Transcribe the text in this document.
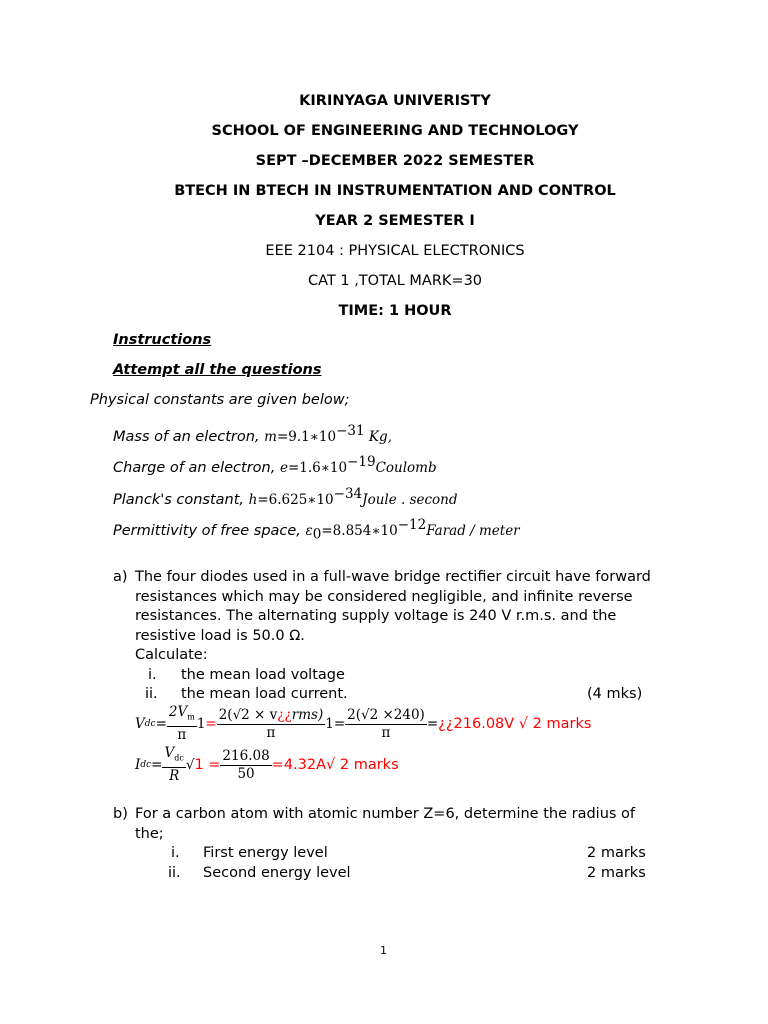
KIRINYAGA UNIVERISTY
SCHOOL OF ENGINEERING AND TECHNOLOGY
SEPT –DECEMBER 2022 SEMESTER
BTECH IN BTECH IN INSTRUMENTATION AND CONTROL
YEAR 2 SEMESTER I
EEE 2104 : PHYSICAL ELECTRONICS
CAT 1 ,TOTAL MARK=30
TIME: 1 HOUR
Instructions
Attempt all the questions
Physical constants are given below;
Mass of an electron, $m=9.1∗10^{-31}$ Kg,
Charge of an electron, $e=1.6∗10^{-19}Coulomb$
Planck's constant, $h=6.625∗10^{-34}Joule$ . second
Permittivity of free space, $\varepsilon_0=8.854∗10^{-12}Farad$ / meter
a) The four diodes used in a full-wave bridge rectifier circuit have forward
resistances which may be considered negligible, and infinite reverse
resistances. The alternating supply voltage is 240 V r.m.s. and the
resistive load is 50.0 Ω.
Calculate:
i. the mean load voltage
ii. the mean load current.	(4 mks)
V dc = $\frac{2V_m}{\pi} 1 = \frac{\text{2(√2 × v¿¿rms)}}{\pi} 1= \frac{2(√2 \times 240)}{\pi}$ = ¿¿216.08V √ 2 marks
I dc = $\frac{V_{dc}}{R}$ √ $1 = \frac{216.08}{50} =4.32A√$ 2 marks
b) For a carbon atom with atomic number Z=6, determine the radius of
the;
i. First energy level	2 marks
ii. Second energy level	2 marks
1
